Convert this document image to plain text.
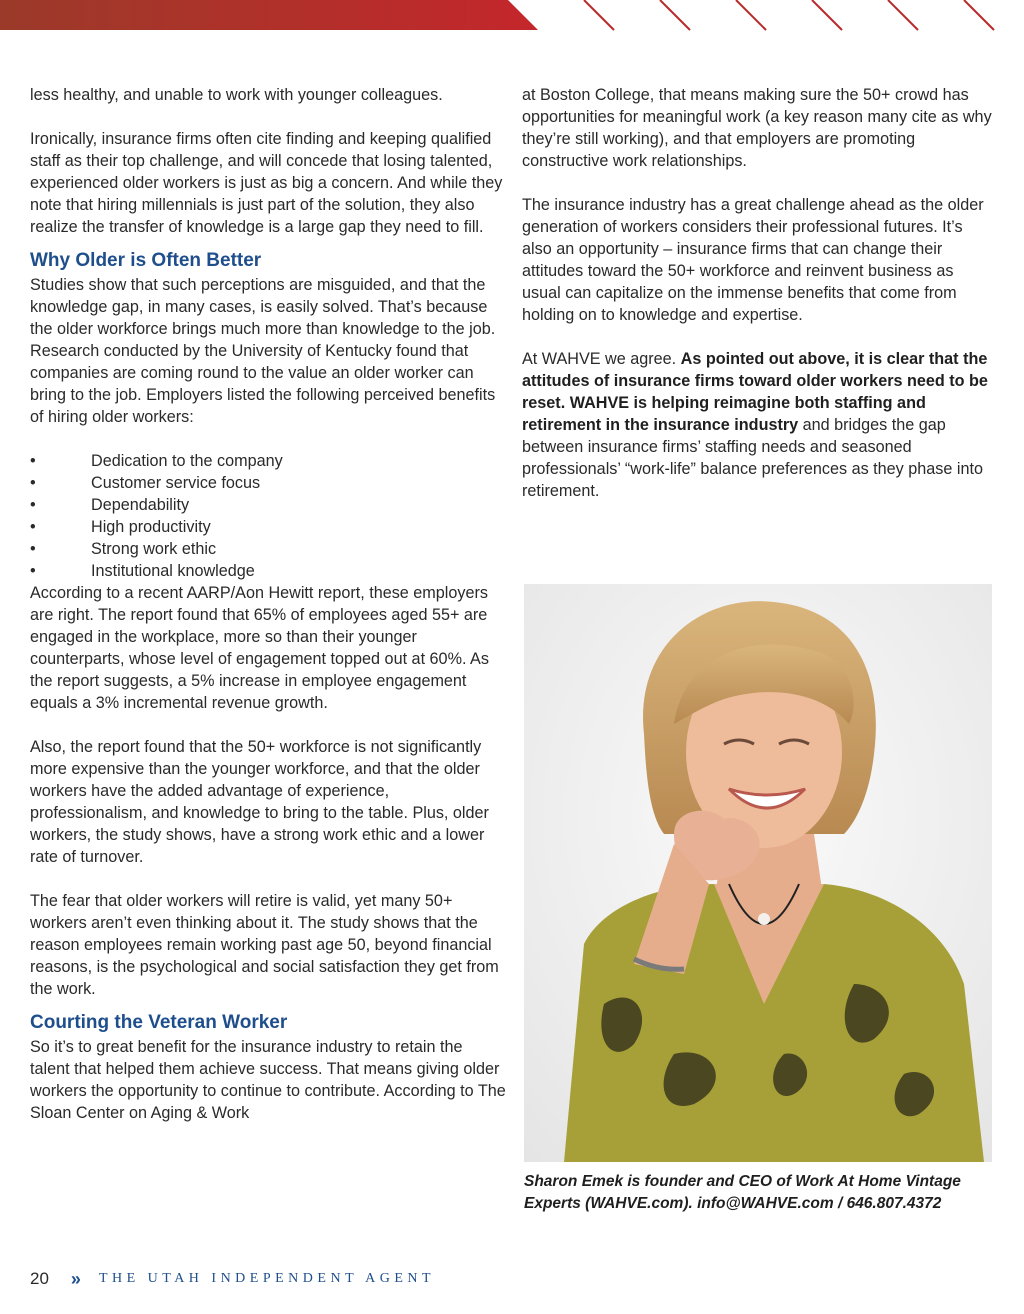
less healthy, and unable to work with younger colleagues.

Ironically, insurance firms often cite finding and keeping qualified staff as their top challenge, and will concede that losing talented, experienced older workers is just as big a concern. And while they note that hiring millennials is just part of the solution, they also realize the transfer of knowledge is a large gap they need to fill.

Why Older is Often Better

Studies show that such perceptions are misguided, and that the knowledge gap, in many cases, is easily solved. That’s because the older workforce brings much more than knowledge to the job. Research conducted by the University of Kentucky found that companies are coming round to the value an older worker can bring to the job. Employers listed the following perceived benefits of hiring older workers:

•	Dedication to the company
•	Customer service focus
•	Dependability
•	High productivity
•	Strong work ethic
•	Institutional knowledge

According to a recent AARP/Aon Hewitt report, these employers are right. The report found that 65% of employees aged 55+ are engaged in the workplace, more so than their younger counterparts, whose level of engagement topped out at 60%. As the report suggests, a 5% increase in employee engagement equals a 3% incremental revenue growth.

Also, the report found that the 50+ workforce is not significantly more expensive than the younger workforce, and that the older workers have the added advantage of experience, professionalism, and knowledge to bring to the table. Plus, older workers, the study shows, have a strong work ethic and a lower rate of turnover.

The fear that older workers will retire is valid, yet many 50+ workers aren’t even thinking about it. The study shows that the reason employees remain working past age 50, beyond financial reasons, is the psychological and social satisfaction they get from the work.

Courting the Veteran Worker

So it’s to great benefit for the insurance industry to retain the talent that helped them achieve success. That means giving older workers the opportunity to continue to contribute. According to The Sloan Center on Aging & Work

at Boston College, that means making sure the 50+ crowd has opportunities for meaningful work (a key reason many cite as why they’re still working), and that employers are promoting constructive work relationships.

The insurance industry has a great challenge ahead as the older generation of workers considers their professional futures. It’s also an opportunity – insurance firms that can change their attitudes toward the 50+ workforce and reinvent business as usual can capitalize on the immense benefits that come from holding on to knowledge and expertise.

At WAHVE we agree. As pointed out above, it is clear that the attitudes of insurance firms toward older workers need to be reset. WAHVE is helping reimagine both staffing and retirement in the insurance industry and bridges the gap between insurance firms’ staffing needs and seasoned professionals’ “work-life” balance preferences as they phase into retirement.

Sharon Emek is founder and CEO of Work At Home Vintage Experts (WAHVE.com). info@WAHVE.com / 646.807.4372
20 » THE UTAH INDEPENDENT AGENT
